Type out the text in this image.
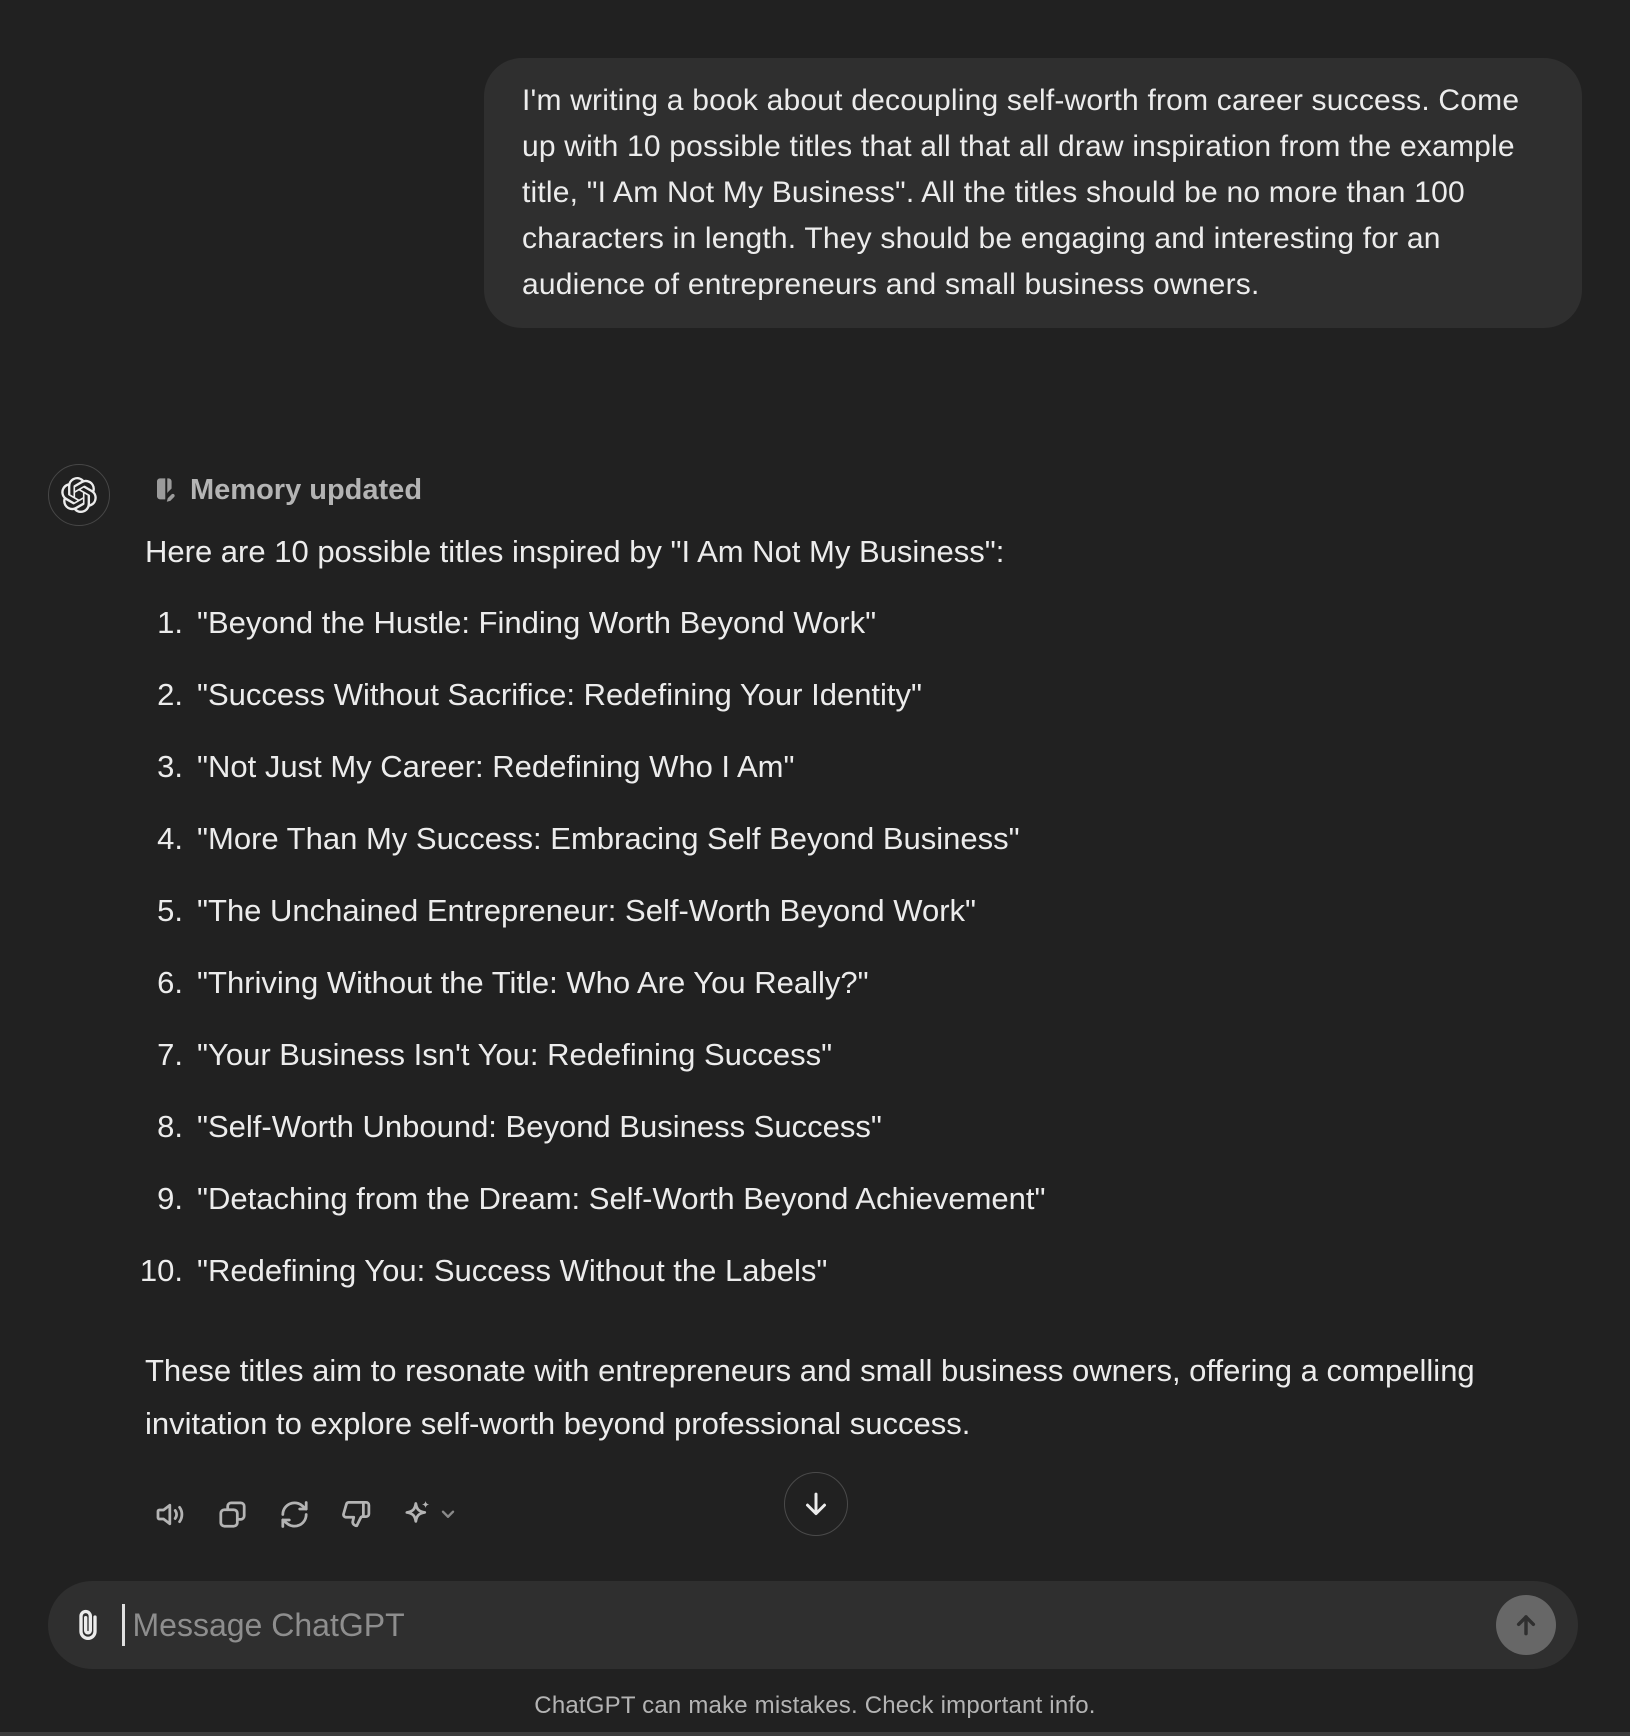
I'm writing a book about decoupling self-worth from career success. Come up with 10 possible titles that all that all draw inspiration from the example title, "I Am Not My Business". All the titles should be no more than 100 characters in length. They should be engaging and interesting for an audience of entrepreneurs and small business owners.
Memory updated

Here are 10 possible titles inspired by "I Am Not My Business":

"Beyond the Hustle: Finding Worth Beyond Work"
"Success Without Sacrifice: Redefining Your Identity"
"Not Just My Career: Redefining Who I Am"
"More Than My Success: Embracing Self Beyond Business"
"The Unchained Entrepreneur: Self-Worth Beyond Work"
"Thriving Without the Title: Who Are You Really?"
"Your Business Isn't You: Redefining Success"
"Self-Worth Unbound: Beyond Business Success"
"Detaching from the Dream: Self-Worth Beyond Achievement"
"Redefining You: Success Without the Labels"

These titles aim to resonate with entrepreneurs and small business owners, offering a compelling invitation to explore self-worth beyond professional success.

Message ChatGPT
ChatGPT can make mistakes. Check important info.
